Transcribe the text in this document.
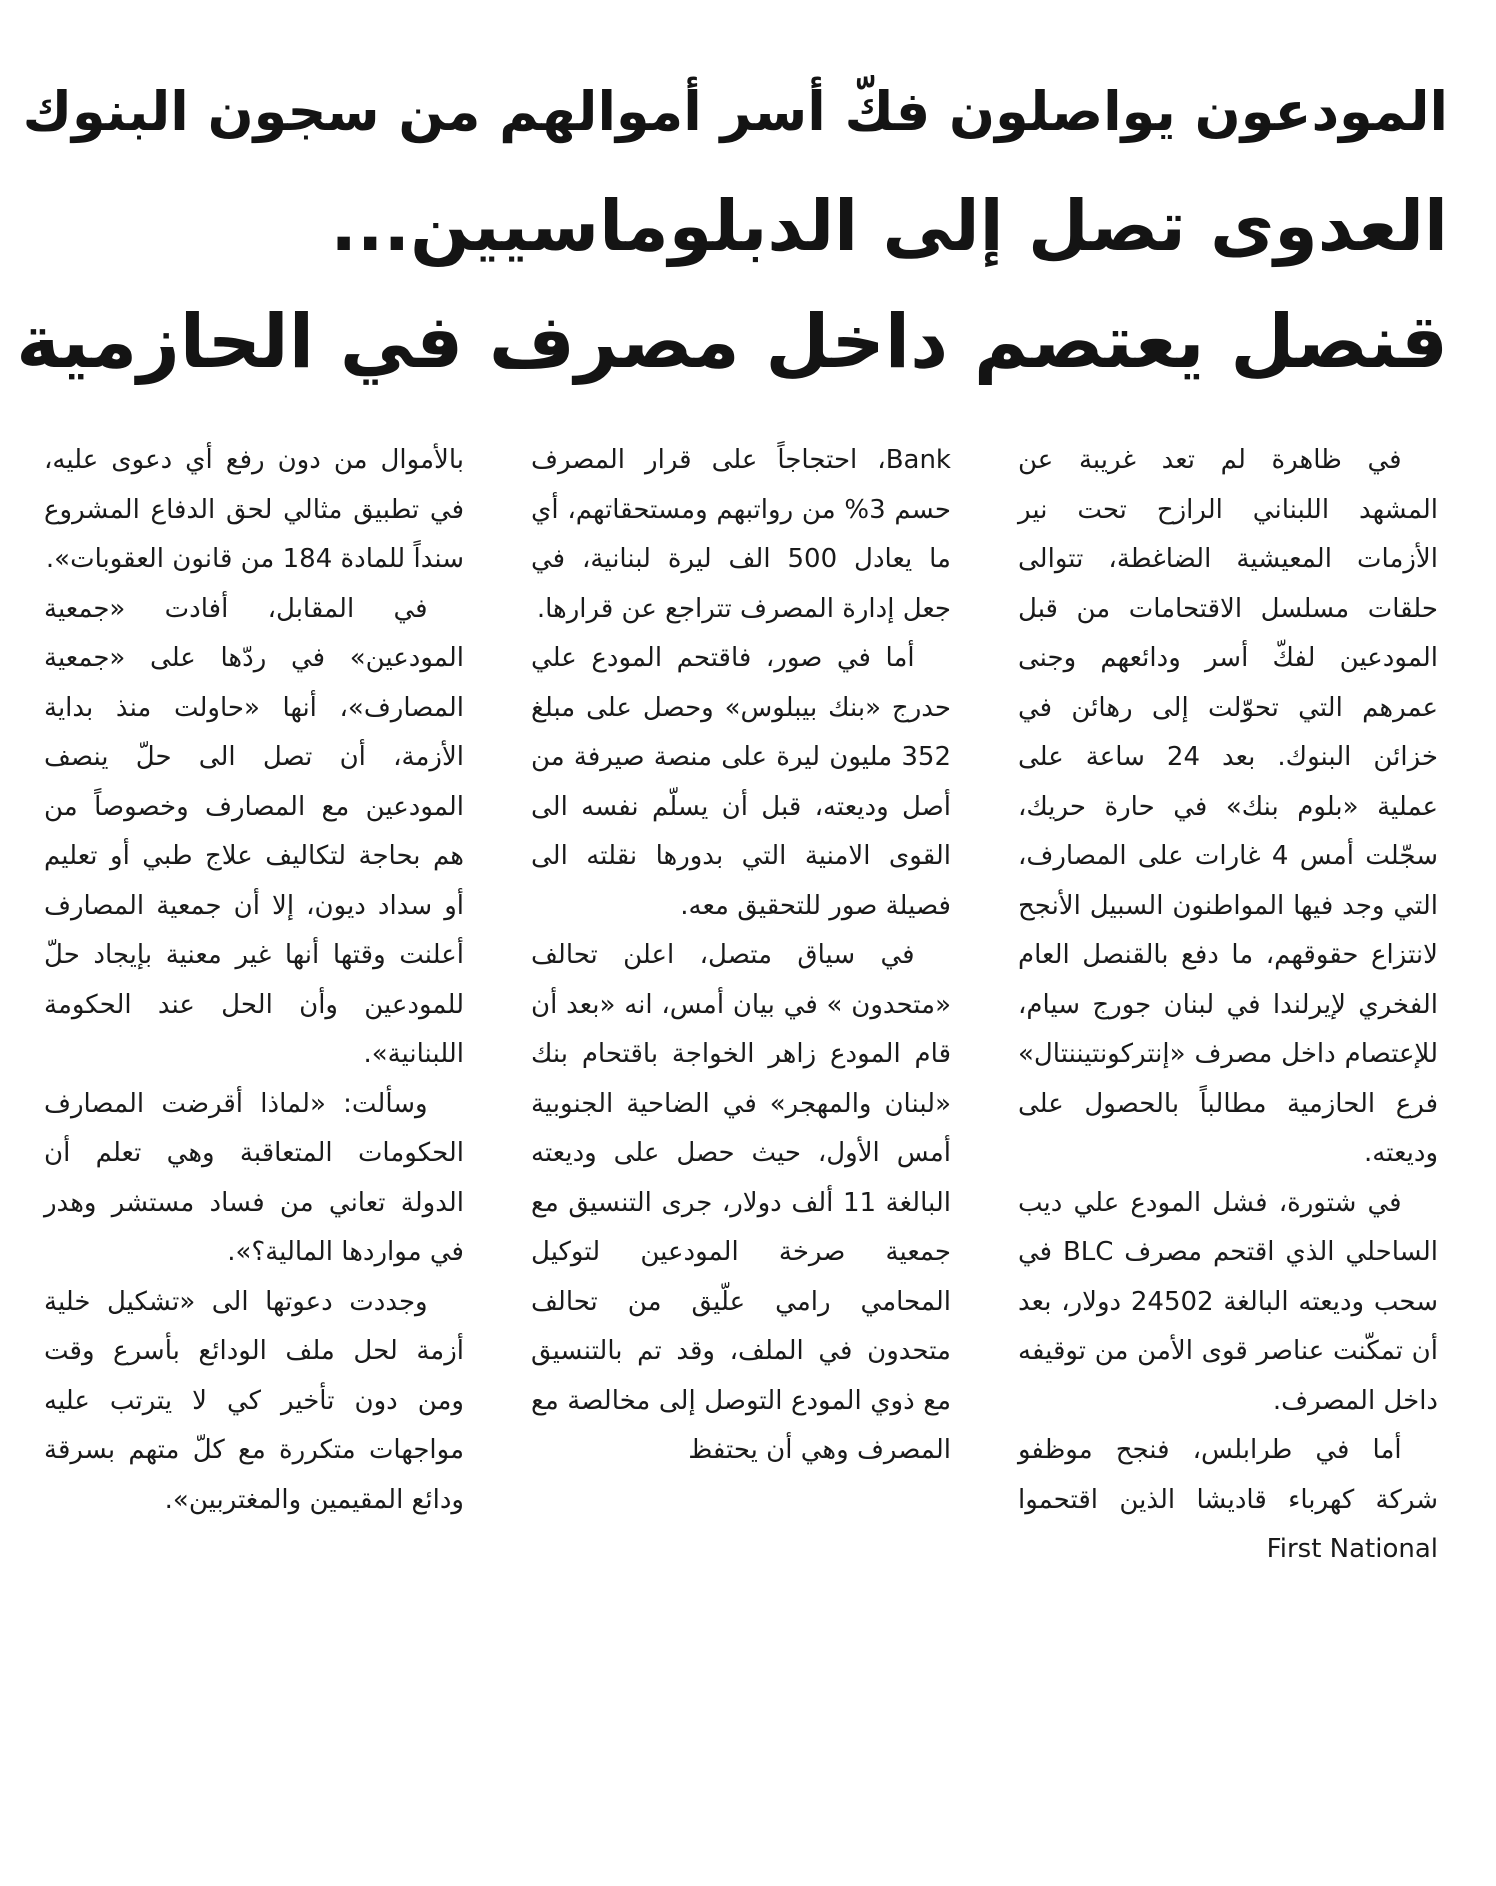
المودعون يواصلون فكّ أسر أموالهم من سجون البنوك
العدوى تصل إلى الدبلوماسيين...
قنصل يعتصم داخل مصرف في الحازمية

في ظاهرة لم تعد غريبة عن المشهد اللبناني الرازح تحت نير الأزمات المعيشية الضاغطة، تتوالى حلقات مسلسل الاقتحامات من قبل المودعين لفكّ أسر ودائعهم وجنى عمرهم التي تحوّلت إلى رهائن في خزائن البنوك. بعد 24 ساعة على عملية «بلوم بنك» في حارة حريك، سجّلت أمس 4 غارات على المصارف، التي وجد فيها المواطنون السبيل الأنجح لانتزاع حقوقهم، ما دفع بالقنصل العام الفخري لإيرلندا في لبنان جورج سيام، للإعتصام داخل مصرف «إنتركونتيننتال» فرع الحازمية مطالباً بالحصول على وديعته.

في شتورة، فشل المودع علي ديب الساحلي الذي اقتحم مصرف BLC في سحب وديعته البالغة 24502 دولار، بعد أن تمكّنت عناصر قوى الأمن من توقيفه داخل المصرف.

أما في طرابلس، فنجح موظفو شركة كهرباء قاديشا الذين اقتحموا First National

Bank، احتجاجاً على قرار المصرف حسم 3% من رواتبهم ومستحقاتهم، أي ما يعادل 500 الف ليرة لبنانية، في جعل إدارة المصرف تتراجع عن قرارها.

أما في صور، فاقتحم المودع علي حدرج «بنك بيبلوس» وحصل على مبلغ 352 مليون ليرة على منصة صيرفة من أصل وديعته، قبل أن يسلّم نفسه الى القوى الامنية التي بدورها نقلته الى فصيلة صور للتحقيق معه.

في سياق متصل، اعلن تحالف «متحدون » في بيان أمس، انه «بعد أن قام المودع زاهر الخواجة باقتحام بنك «لبنان والمهجر» في الضاحية الجنوبية أمس الأول، حيث حصل على وديعته البالغة 11 ألف دولار، جرى التنسيق مع جمعية صرخة المودعين لتوكيل المحامي رامي علّيق من تحالف متحدون في الملف، وقد تم بالتنسيق مع ذوي المودع التوصل إلى مخالصة مع المصرف وهي أن يحتفظ

بالأموال من دون رفع أي دعوى عليه، في تطبيق مثالي لحق الدفاع المشروع سنداً للمادة 184 من قانون العقوبات».

في المقابل، أفادت «جمعية المودعين» في ردّها على «جمعية المصارف»، أنها «حاولت منذ بداية الأزمة، أن تصل الى حلّ ينصف المودعين مع المصارف وخصوصاً من هم بحاجة لتكاليف علاج طبي أو تعليم أو سداد ديون، إلا أن جمعية المصارف أعلنت وقتها أنها غير معنية بإيجاد حلّ للمودعين وأن الحل عند الحكومة اللبنانية».

وسألت: «لماذا أقرضت المصارف الحكومات المتعاقبة وهي تعلم أن الدولة تعاني من فساد مستشر وهدر في مواردها المالية؟».

وجددت دعوتها الى «تشكيل خلية أزمة لحل ملف الودائع بأسرع وقت ومن دون تأخير كي لا يترتب عليه مواجهات متكررة مع كلّ متهم بسرقة ودائع المقيمين والمغتربين».
